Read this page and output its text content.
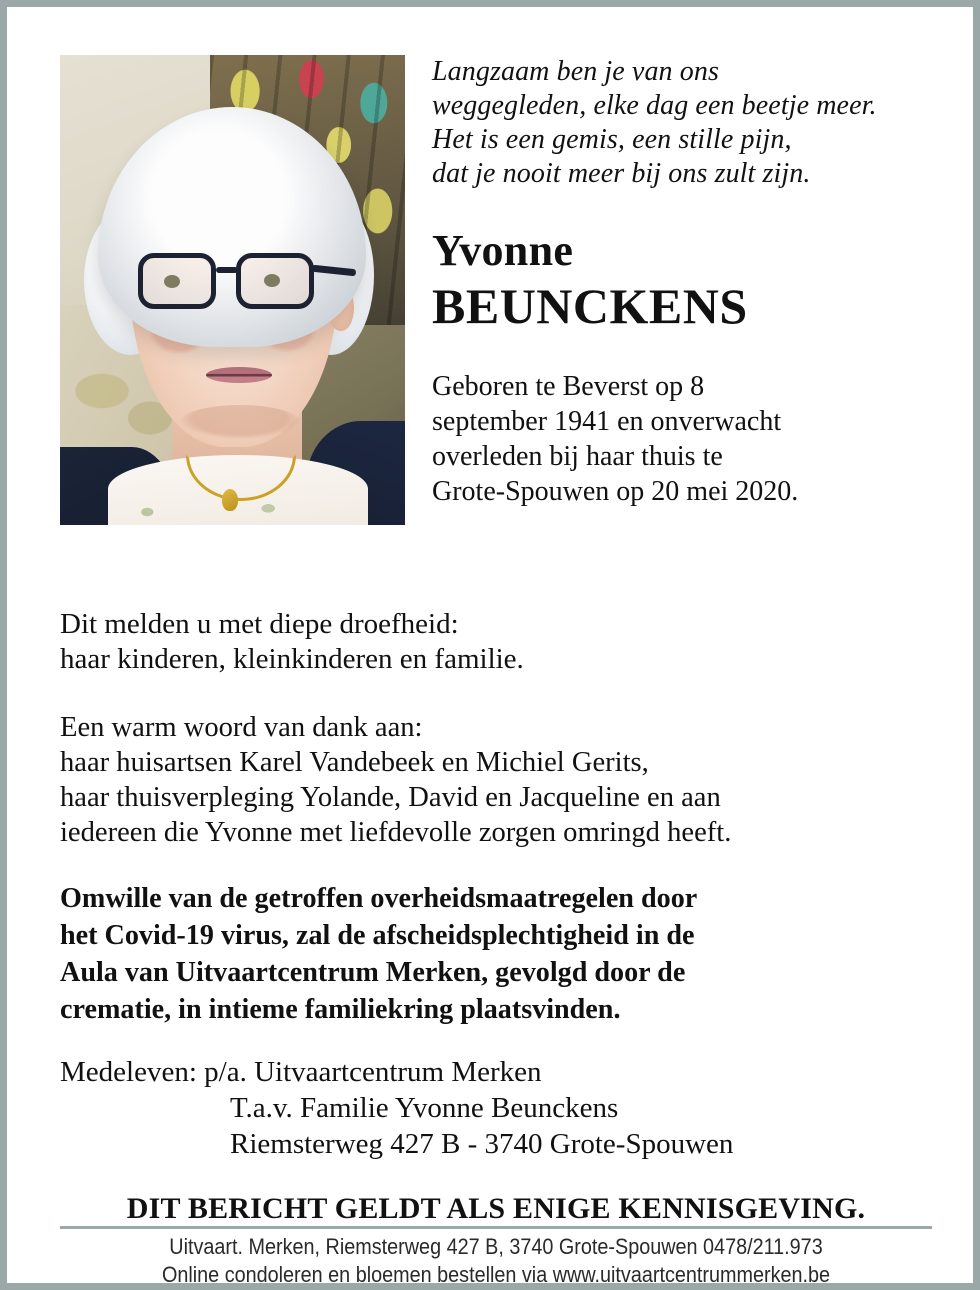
Langzaam ben je van ons
weggegleden, elke dag een beetje meer.
Het is een gemis, een stille pijn,
dat je nooit meer bij ons zult zijn.
Yvonne
BEUNCKENS
Geboren te Beverst op 8
september 1941 en onverwacht
overleden bij haar thuis te
Grote-Spouwen op 20 mei 2020.
Dit melden u met diepe droefheid:
haar kinderen, kleinkinderen en familie.
Een warm woord van dank aan:
haar huisartsen Karel Vandebeek en Michiel Gerits,
haar thuisverpleging Yolande, David en Jacqueline en aan
iedereen die Yvonne met liefdevolle zorgen omringd heeft.
Omwille van de getroffen overheidsmaatregelen door
het Covid-19 virus, zal de afscheidsplechtigheid in de
Aula van Uitvaartcentrum Merken, gevolgd door de
crematie, in intieme familiekring plaatsvinden.
Medeleven: p/a. Uitvaartcentrum Merken
T.a.v. Familie Yvonne Beunckens
Riemsterweg 427 B - 3740 Grote-Spouwen
DIT BERICHT GELDT ALS ENIGE KENNISGEVING.
Uitvaart. Merken, Riemsterweg 427 B, 3740 Grote-Spouwen 0478/211.973
Online condoleren en bloemen bestellen via www.uitvaartcentrummerken.be
